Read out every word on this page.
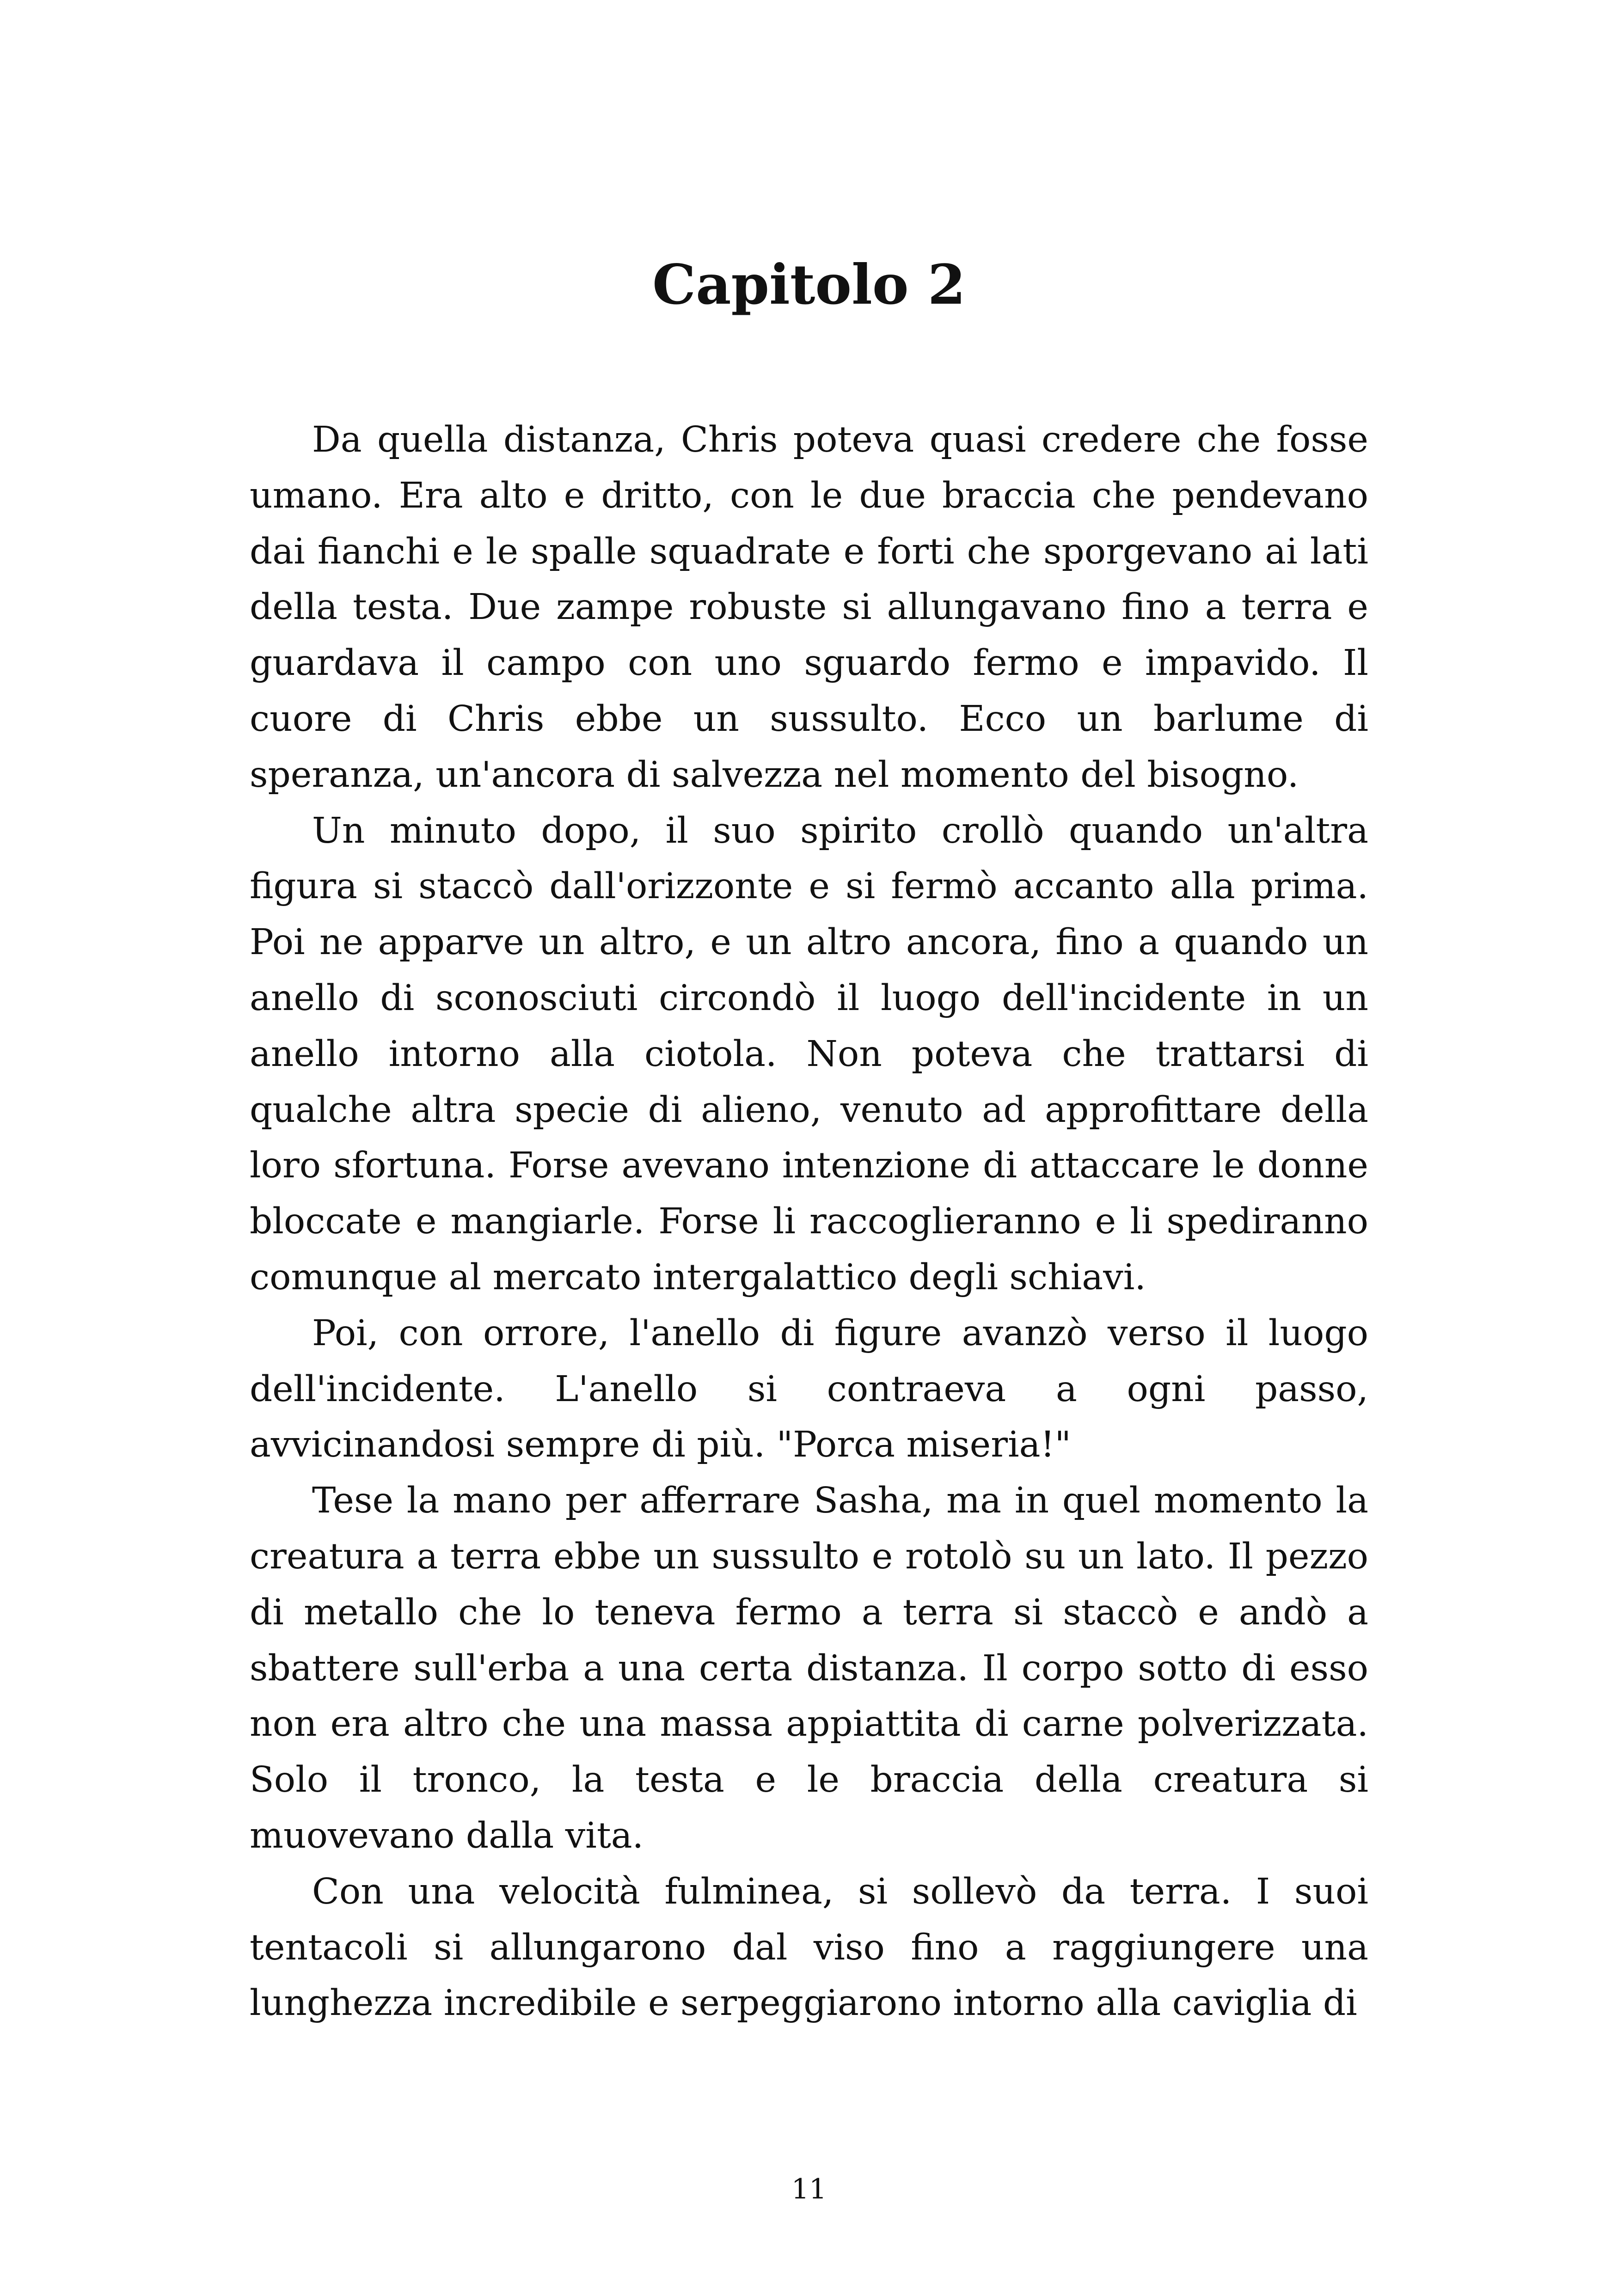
Capitolo 2

Da quella distanza, Chris poteva quasi credere che fosse umano. Era alto e dritto, con le due braccia che pendevano dai fianchi e le spalle squadrate e forti che sporgevano ai lati della testa. Due zampe robuste si allungavano fino a terra e guardava il campo con uno sguardo fermo e impavido. Il cuore di Chris ebbe un sussulto. Ecco un barlume di speranza, un'ancora di salvezza nel momento del bisogno.

Un minuto dopo, il suo spirito crollò quando un'altra figura si staccò dall'orizzonte e si fermò accanto alla prima. Poi ne apparve un altro, e un altro ancora, fino a quando un anello di sconosciuti circondò il luogo dell'incidente in un anello intorno alla ciotola. Non poteva che trattarsi di qualche altra specie di alieno, venuto ad approfittare della loro sfortuna. Forse avevano intenzione di attaccare le donne bloccate e mangiarle. Forse li raccoglieranno e li spediranno comunque al mercato intergalattico degli schiavi.

Poi, con orrore, l'anello di figure avanzò verso il luogo dell'incidente. L'anello si contraeva a ogni passo, avvicinandosi sempre di più. "Porca miseria!"

Tese la mano per afferrare Sasha, ma in quel momento la creatura a terra ebbe un sussulto e rotolò su un lato. Il pezzo di metallo che lo teneva fermo a terra si staccò e andò a sbattere sull'erba a una certa distanza. Il corpo sotto di esso non era altro che una massa appiattita di carne polverizzata. Solo il tronco, la testa e le braccia della creatura si muovevano dalla vita.

Con una velocità fulminea, si sollevò da terra. I suoi tentacoli si allungarono dal viso fino a raggiungere una lunghezza incredibile e serpeggiarono intorno alla caviglia di

11
